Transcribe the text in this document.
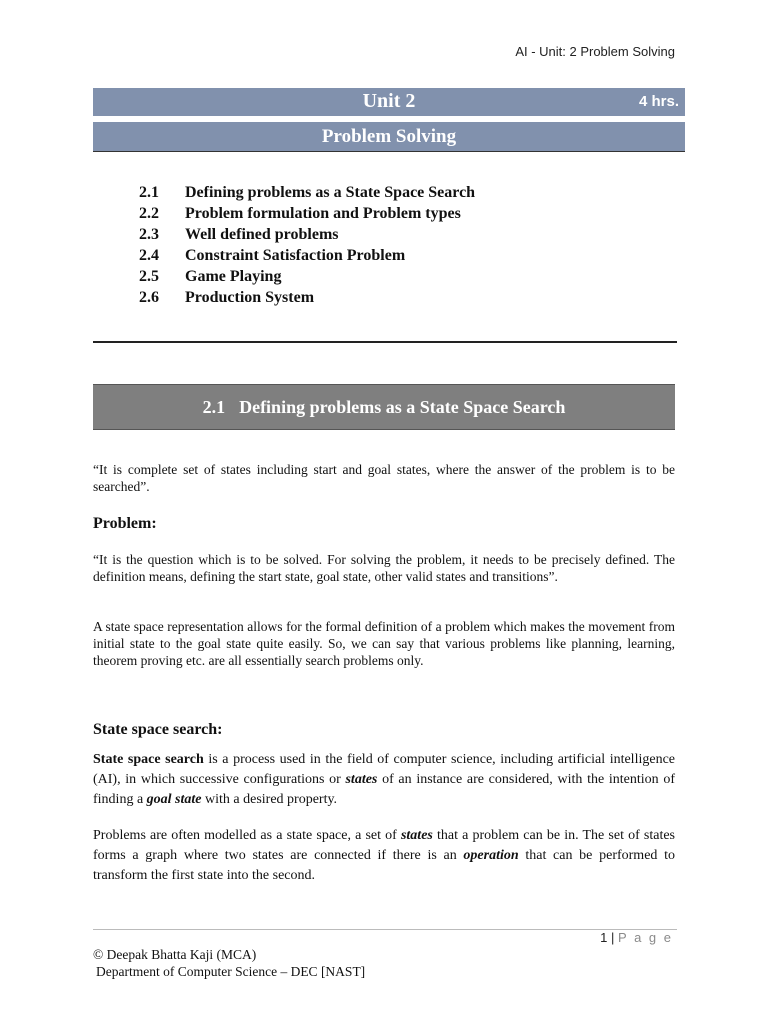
AI - Unit: 2 Problem Solving
Unit 2	4 hrs.
Problem Solving
2.1 Defining problems as a State Space Search
2.2 Problem formulation and Problem types
2.3 Well defined problems
2.4 Constraint Satisfaction Problem
2.5 Game Playing
2.6 Production System
2.1 Defining problems as a State Space Search

“It is complete set of states including start and goal states, where the answer of the problem is to be searched”.

Problem:

“It is the question which is to be solved. For solving the problem, it needs to be precisely defined. The definition means, defining the start state, goal state, other valid states and transitions”.

A state space representation allows for the formal definition of a problem which makes the movement from initial state to the goal state quite easily. So, we can say that various problems like planning, learning, theorem proving etc. are all essentially search problems only.

State space search:

State space search is a process used in the field of computer science, including artificial intelligence (AI), in which successive configurations or states of an instance are considered, with the intention of finding a goal state with a desired property.

Problems are often modelled as a state space, a set of states that a problem can be in. The set of states forms a graph where two states are connected if there is an operation that can be performed to transform the first state into the second.

1 | P a g e
© Deepak Bhatta Kaji (MCA)
Department of Computer Science – DEC [NAST]
